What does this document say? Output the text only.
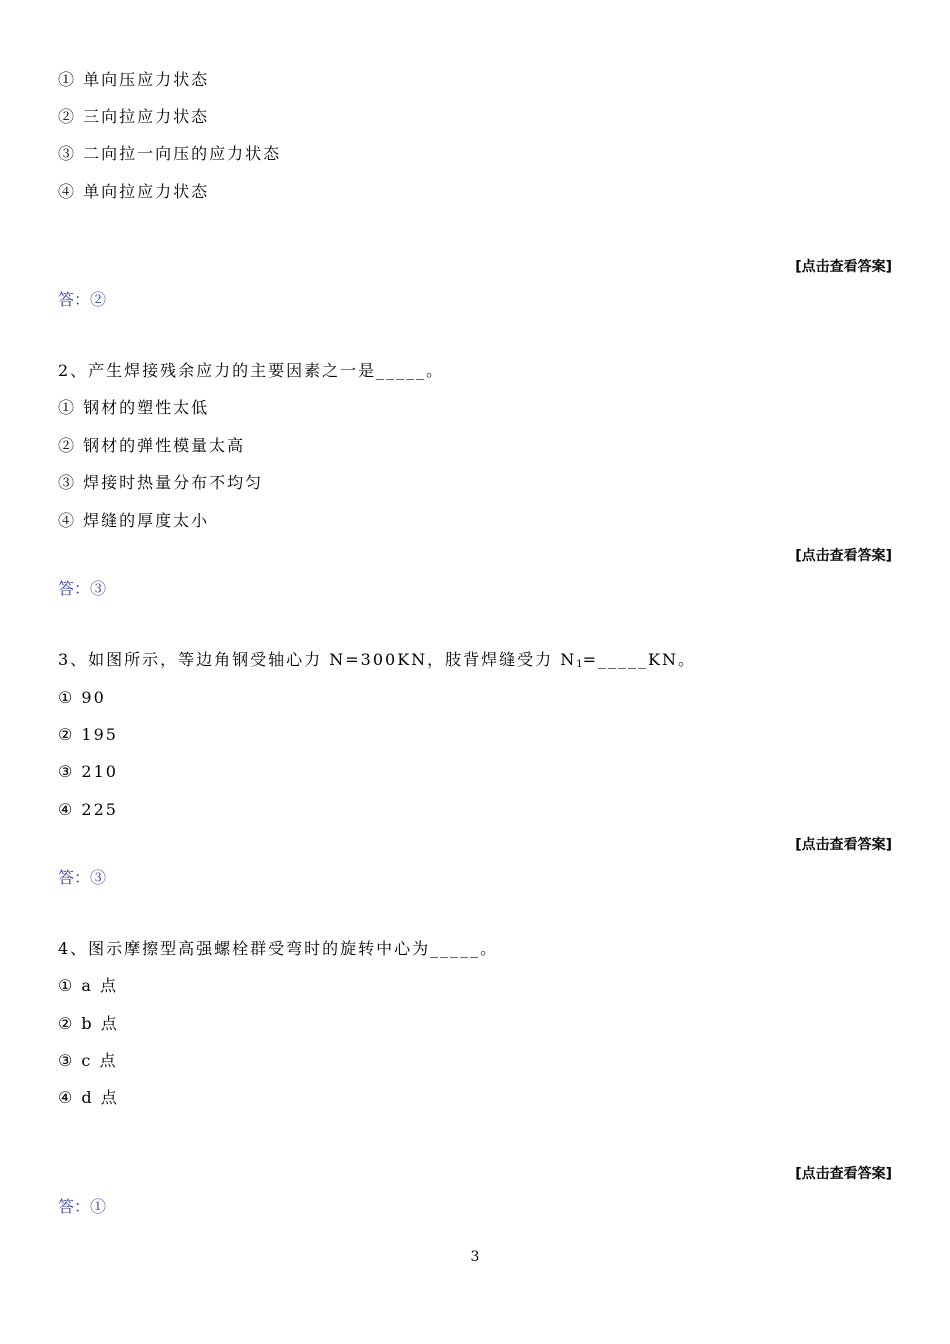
① 单向压应力状态
② 三向拉应力状态
③ 二向拉一向压的应力状态
④ 单向拉应力状态
[点击查看答案]
答：②
2、产生焊接残余应力的主要因素之一是_____。
① 钢材的塑性太低
② 钢材的弹性模量太高
③ 焊接时热量分布不均匀
④ 焊缝的厚度太小
[点击查看答案]
答：③
3、如图所示，等边角钢受轴心力 N=300KN，肢背焊缝受力 $N_1=\_\_\_\_\_KN$。
① 90
② 195
③ 210
④ 225
[点击查看答案]
答：③
4、图示摩擦型高强螺栓群受弯时的旋转中心为_____。
① a 点
② b 点
③ c 点
④ d 点
[点击查看答案]
答：①
3
